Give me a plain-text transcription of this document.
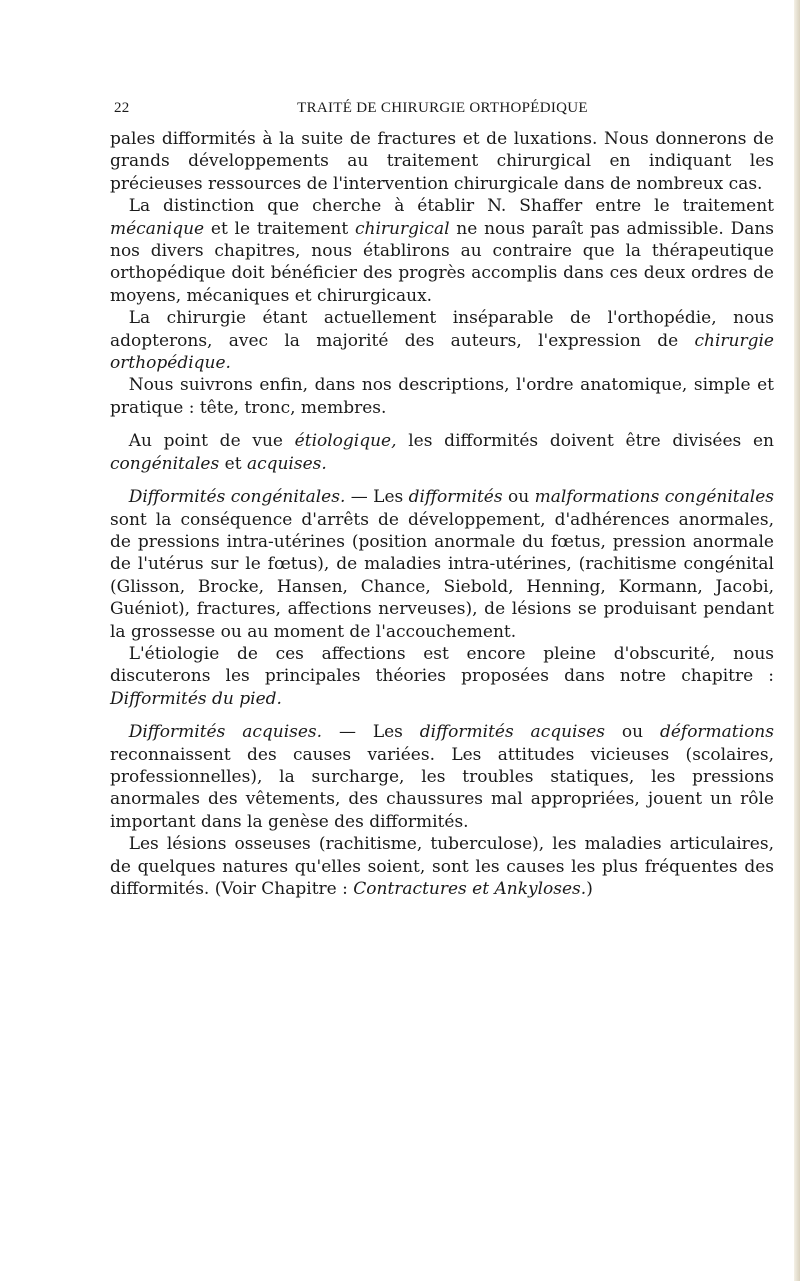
22	TRAITÉ DE CHIRURGIE ORTHOPÉDIQUE

pales difformités à la suite de fractures et de luxations. Nous donnerons de grands développements au traitement chirurgical en indiquant les précieuses ressources de l'intervention chirurgicale dans de nombreux cas.

La distinction que cherche à établir N. Shaffer entre le traitement mécanique et le traitement chirurgical ne nous paraît pas admissible. Dans nos divers chapitres, nous établirons au contraire que la thérapeutique orthopédique doit bénéficier des progrès accomplis dans ces deux ordres de moyens, mécaniques et chirurgicaux.

La chirurgie étant actuellement inséparable de l'orthopédie, nous adopterons, avec la majorité des auteurs, l'expression de chirurgie orthopédique.

Nous suivrons enfin, dans nos descriptions, l'ordre anatomique, simple et pratique : tête, tronc, membres.

Au point de vue étiologique, les difformités doivent être divisées en congénitales et acquises.

Difformités congénitales. — Les difformités ou malformations congénitales sont la conséquence d'arrêts de développement, d'adhérences anormales, de pressions intra-utérines (position anormale du fœtus, pression anormale de l'utérus sur le fœtus), de maladies intra-utérines, (rachitisme congénital (Glisson, Brocke, Hansen, Chance, Siebold, Henning, Kormann, Jacobi, Guéniot), fractures, affections nerveuses), de lésions se produisant pendant la grossesse ou au moment de l'accouchement.

L'étiologie de ces affections est encore pleine d'obscurité, nous discuterons les principales théories proposées dans notre chapitre : Difformités du pied.

Difformités acquises. — Les difformités acquises ou déformations reconnaissent des causes variées. Les attitudes vicieuses (scolaires, professionnelles), la surcharge, les troubles statiques, les pressions anormales des vêtements, des chaussures mal appropriées, jouent un rôle important dans la genèse des difformités.

Les lésions osseuses (rachitisme, tuberculose), les maladies articulaires, de quelques natures qu'elles soient, sont les causes les plus fréquentes des difformités. (Voir Chapitre : Contractures et Ankyloses.)
